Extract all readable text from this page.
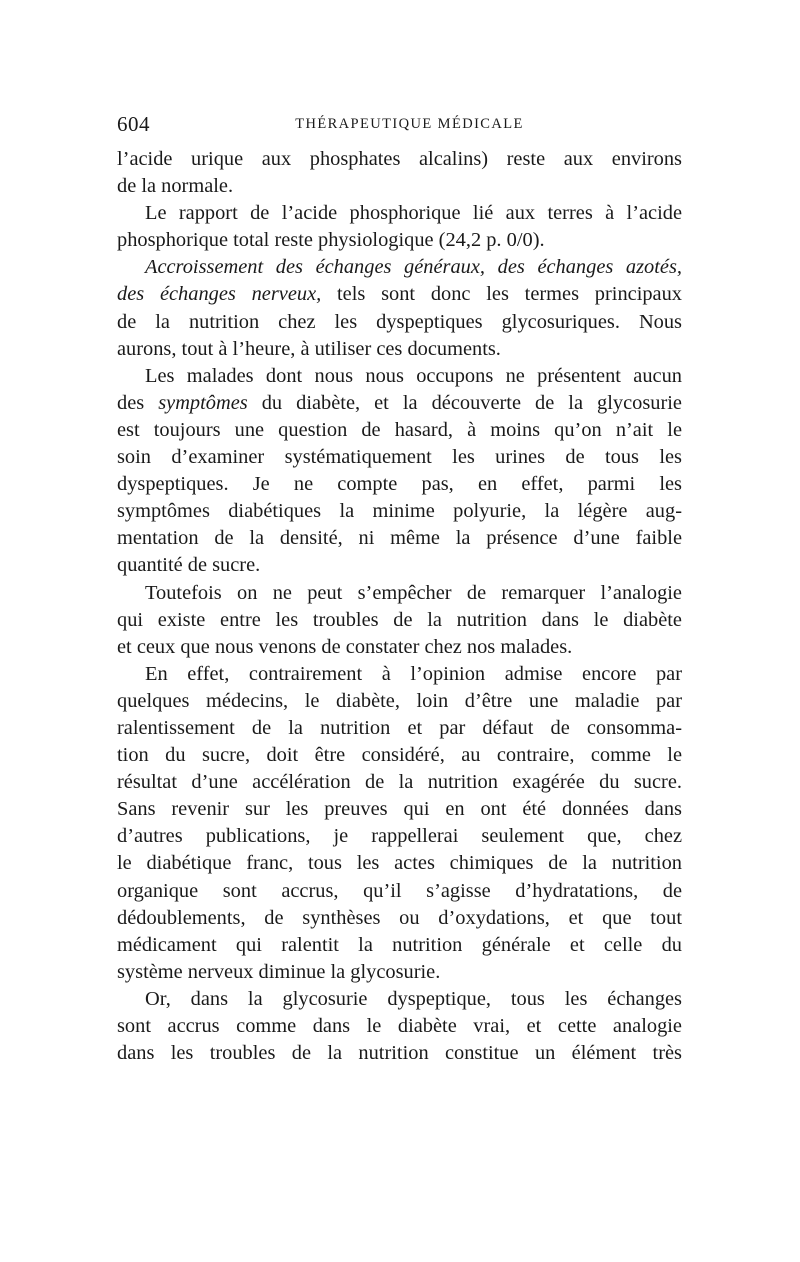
604	THÉRAPEUTIQUE MÉDICALE

l’acide urique aux phosphates alcalins) reste aux environs

de la normale.

Le rapport de l’acide phosphorique lié aux terres à l’acide

phosphorique total reste physiologique (24,2 p. 0/0).

Accroissement des échanges généraux, des échanges azotés,

des échanges nerveux, tels sont donc les termes principaux

de la nutrition chez les dyspeptiques glycosuriques. Nous

aurons, tout à l’heure, à utiliser ces documents.

Les malades dont nous nous occupons ne présentent aucun

des symptômes du diabète, et la découverte de la glycosurie

est toujours une question de hasard, à moins qu’on n’ait le

soin d’examiner systématiquement les urines de tous les

dyspeptiques. Je ne compte pas, en effet, parmi les

symptômes diabétiques la minime polyurie, la légère aug-

mentation de la densité, ni même la présence d’une faible

quantité de sucre.

Toutefois on ne peut s’empêcher de remarquer l’analogie

qui existe entre les troubles de la nutrition dans le diabète

et ceux que nous venons de constater chez nos malades.

En effet, contrairement à l’opinion admise encore par

quelques médecins, le diabète, loin d’être une maladie par

ralentissement de la nutrition et par défaut de consomma-

tion du sucre, doit être considéré, au contraire, comme le

résultat d’une accélération de la nutrition exagérée du sucre.

Sans revenir sur les preuves qui en ont été données dans

d’autres publications, je rappellerai seulement que, chez

le diabétique franc, tous les actes chimiques de la nutrition

organique sont accrus, qu’il s’agisse d’hydratations, de

dédoublements, de synthèses ou d’oxydations, et que tout

médicament qui ralentit la nutrition générale et celle du

système nerveux diminue la glycosurie.

Or, dans la glycosurie dyspeptique, tous les échanges

sont accrus comme dans le diabète vrai, et cette analogie

dans les troubles de la nutrition constitue un élément très
